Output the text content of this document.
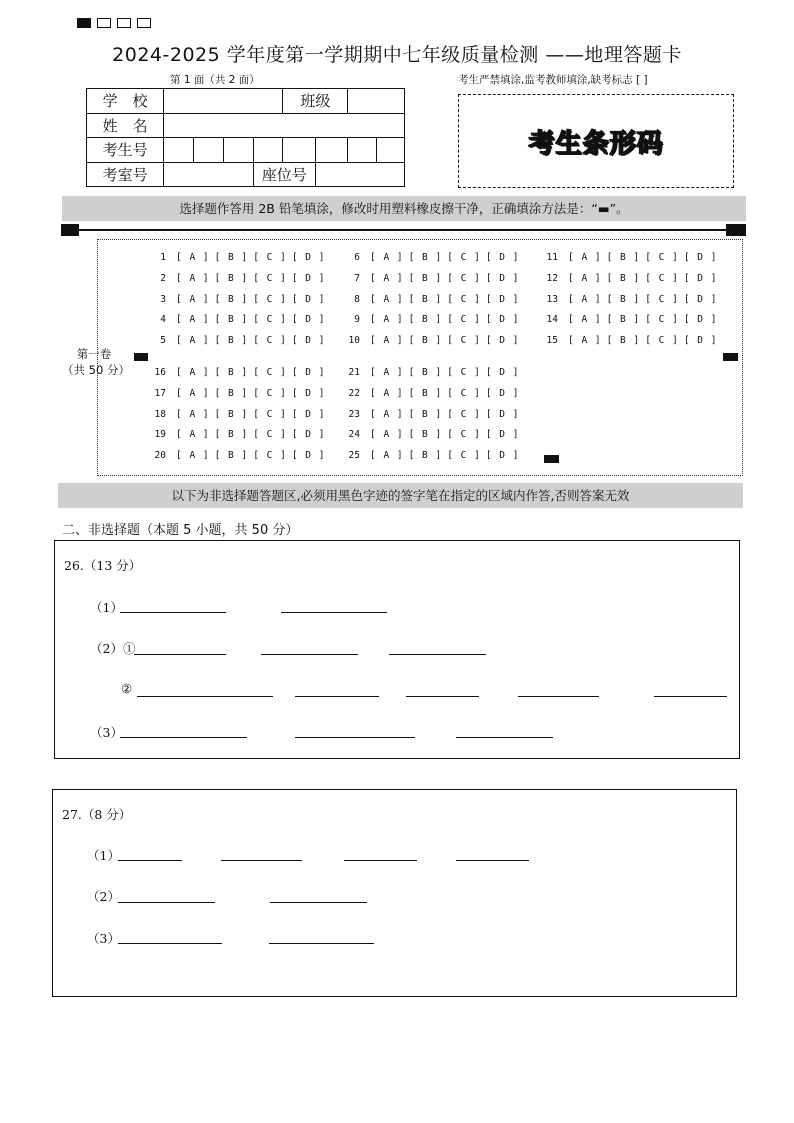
2024-2025 学年度第一学期期中七年级质量检测 ——地理答题卡
第 1 面（共 2 面）	考生严禁填涂,监考教师填涂,缺考标志 [ ]
学　校					班级			
姓　名								
考生号								
考室号				座位号				
考生条形码
选择题作答用 2B 铅笔填涂，修改时用塑料橡皮擦干净，正确填涂方法是：“▬”。
第一卷
（共 50 分）
1 [ A ] [ B ] [ C ] [ D ]
2 [ A ] [ B ] [ C ] [ D ]
3 [ A ] [ B ] [ C ] [ D ]
4 [ A ] [ B ] [ C ] [ D ]
5 [ A ] [ B ] [ C ] [ D ]
6 [ A ] [ B ] [ C ] [ D ]
7 [ A ] [ B ] [ C ] [ D ]
8 [ A ] [ B ] [ C ] [ D ]
9 [ A ] [ B ] [ C ] [ D ]
10 [ A ] [ B ] [ C ] [ D ]
11 [ A ] [ B ] [ C ] [ D ]
12 [ A ] [ B ] [ C ] [ D ]
13 [ A ] [ B ] [ C ] [ D ]
14 [ A ] [ B ] [ C ] [ D ]
15 [ A ] [ B ] [ C ] [ D ]
16 [ A ] [ B ] [ C ] [ D ]
17 [ A ] [ B ] [ C ] [ D ]
18 [ A ] [ B ] [ C ] [ D ]
19 [ A ] [ B ] [ C ] [ D ]
20 [ A ] [ B ] [ C ] [ D ]
21 [ A ] [ B ] [ C ] [ D ]
22 [ A ] [ B ] [ C ] [ D ]
23 [ A ] [ B ] [ C ] [ D ]
24 [ A ] [ B ] [ C ] [ D ]
25 [ A ] [ B ] [ C ] [ D ]
以下为非选择题答题区,必须用黑色字迹的签字笔在指定的区域内作答,否则答案无效
二、非选择题（本题 5 小题，共 50 分）
26.（13 分）
（1）
（2）①
②
（3）
27.（8 分）
（1）
（2）
（3）
